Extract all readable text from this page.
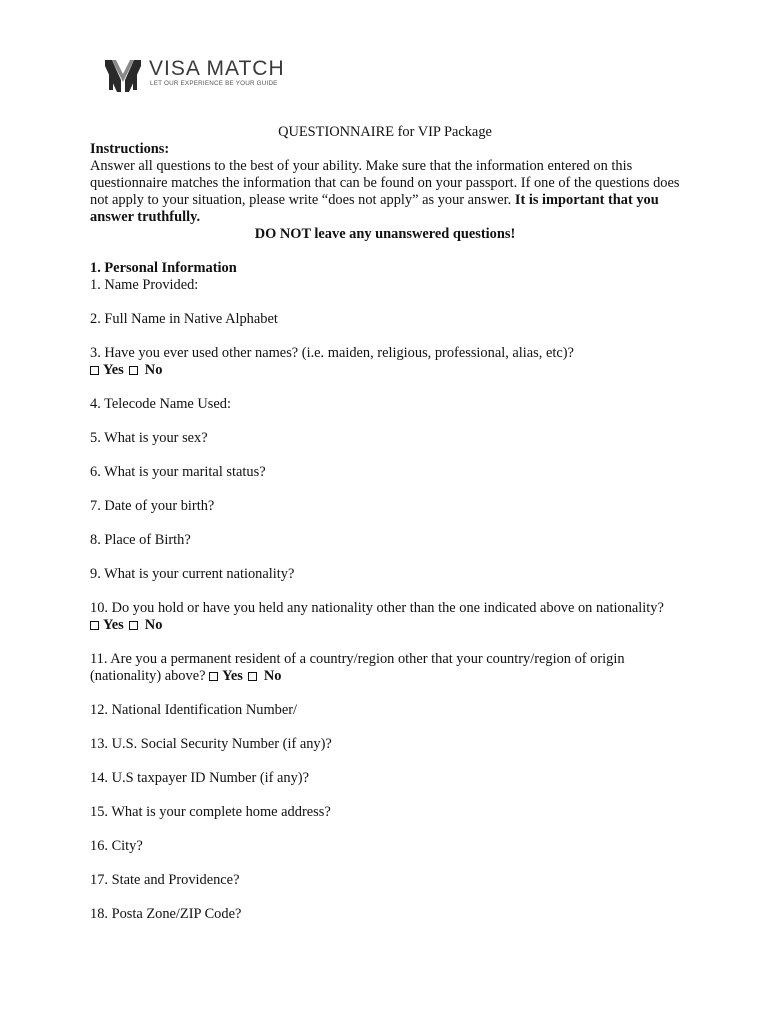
VISA MATCH
LET OUR EXPERIENCE BE YOUR GUIDE
QUESTIONNAIRE for VIP Package
Instructions:
Answer all questions to the best of your ability. Make sure that the information entered on this questionnaire matches the information that can be found on your passport. If one of the questions does not apply to your situation, please write “does not apply” as your answer. It is important that you answer truthfully.
DO NOT leave any unanswered questions!
1. Personal Information
1. Name Provided:
2. Full Name in Native Alphabet
3. Have you ever used other names? (i.e. maiden, religious, professional, alias, etc)?
Yes No
4. Telecode Name Used:
5. What is your sex?
6. What is your marital status?
7. Date of your birth?
8. Place of Birth?
9. What is your current nationality?
10. Do you hold or have you held any nationality other than the one indicated above on nationality?
Yes No
11. Are you a permanent resident of a country/region other that your country/region of origin
(nationality) above? Yes No
12. National Identification Number/
13. U.S. Social Security Number (if any)?
14. U.S taxpayer ID Number (if any)?
15. What is your complete home address?
16. City?
17. State and Providence?
18. Posta Zone/ZIP Code?
